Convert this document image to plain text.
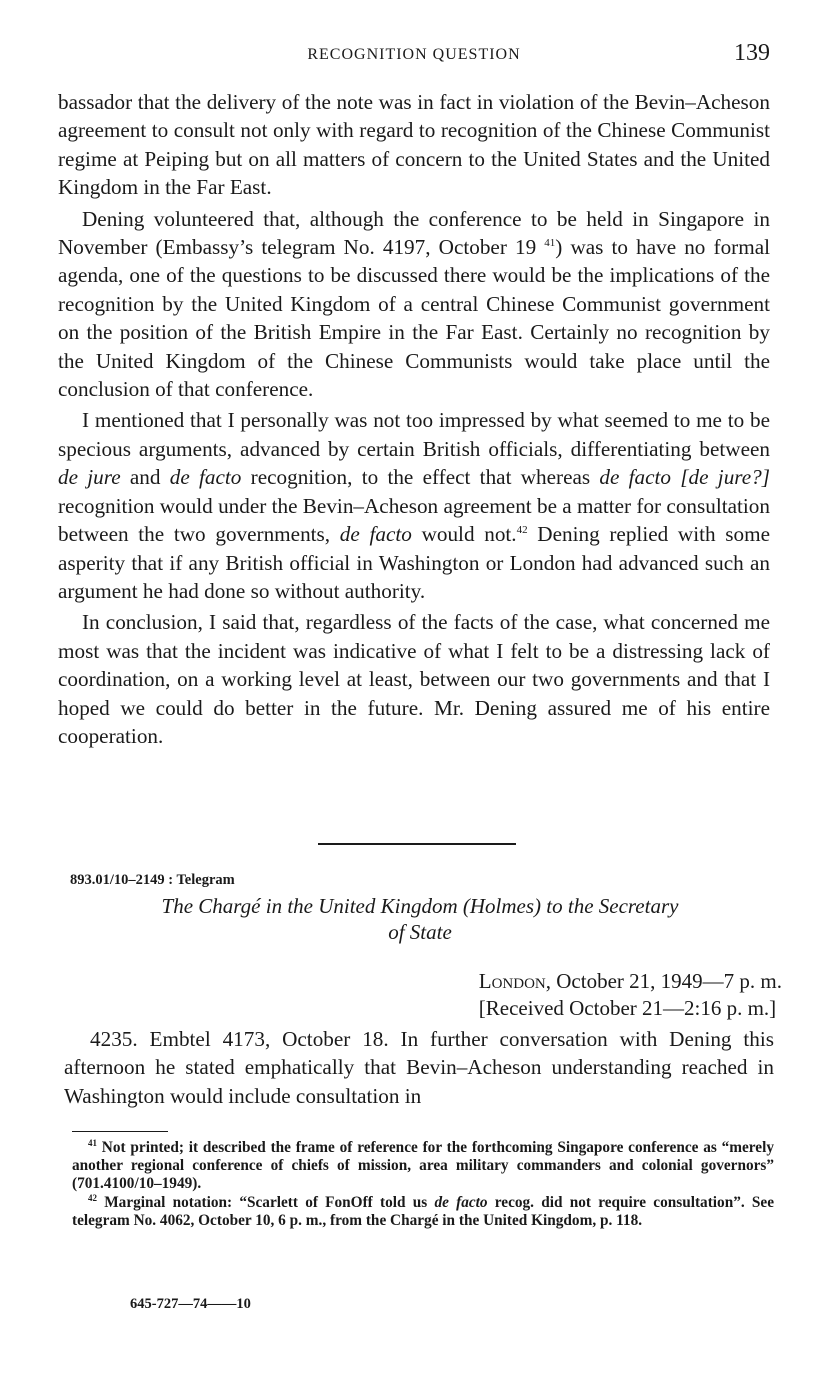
RECOGNITION QUESTION	139

bassador that the delivery of the note was in fact in violation of the Bevin–Acheson agreement to consult not only with regard to recognition of the Chinese Communist regime at Peiping but on all matters of concern to the United States and the United Kingdom in the Far East.

Dening volunteered that, although the conference to be held in Singapore in November (Embassy’s telegram No. 4197, October 19 $^{41}$) was to have no formal agenda, one of the questions to be discussed there would be the implications of the recognition by the United Kingdom of a central Chinese Communist government on the position of the British Empire in the Far East. Certainly no recognition by the United Kingdom of the Chinese Communists would take place until the conclusion of that conference.

I mentioned that I personally was not too impressed by what seemed to me to be specious arguments, advanced by certain British officials, differentiating between de jure and de facto recognition, to the effect that whereas de facto [de jure?] recognition would under the Bevin–Acheson agreement be a matter for consultation between the two governments, de facto would not.$^{42}$ Dening replied with some asperity that if any British official in Washington or London had advanced such an argument he had done so without authority.

In conclusion, I said that, regardless of the facts of the case, what concerned me most was that the incident was indicative of what I felt to be a distressing lack of coordination, on a working level at least, between our two governments and that I hoped we could do better in the future. Mr. Dening assured me of his entire cooperation.

893.01/10–2149 : Telegram
The Chargé in the United Kingdom (Holmes) to the Secretary
of State
London, October 21, 1949—7 p. m.
[Received October 21—2:16 p. m.]

4235. Embtel 4173, October 18. In further conversation with Dening this afternoon he stated emphatically that Bevin–Acheson understanding reached in Washington would include consultation in

$^{41}$ Not printed; it described the frame of reference for the forthcoming Singapore conference as “merely another regional conference of chiefs of mission, area military commanders and colonial governors” (701.4100/10–1949).

$^{42}$ Marginal notation: “Scarlett of FonOff told us de facto recog. did not require consultation”. See telegram No. 4062, October 10, 6 p. m., from the Chargé in the United Kingdom, p. 118.

645-727—74——10
